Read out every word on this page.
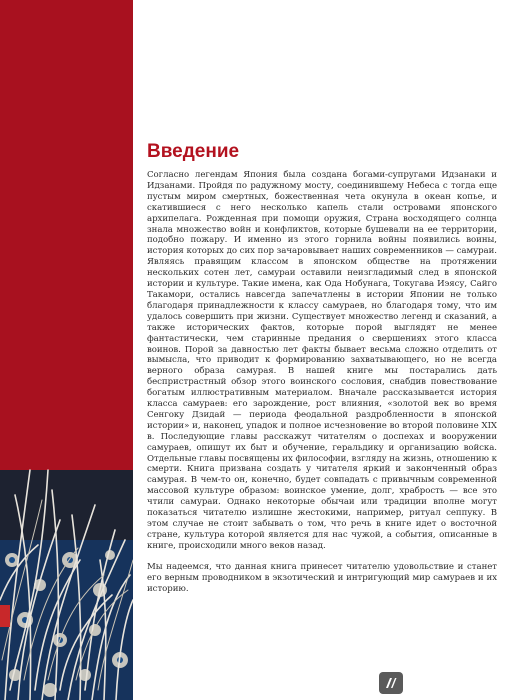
Введение

Согласно легендам Япония была создана богами-супругами Идзанаки и Идзанами. Пройдя по радужному мосту, соединившему Небеса с тогда еще пустым миром смертных, божественная чета окунула в океан копье, и скатившиеся с него несколько капель стали островами японского архипелага. Рожденная при помощи оружия, Страна восходящего солнца знала множество войн и конфликтов, которые бушевали на ее территории, подобно пожару. И именно из этого горнила войны появились воины, история которых до сих пор зачаровывает наших современников — самураи. Являясь правящим классом в японском обществе на протяжении нескольких сотен лет, самураи оставили неизгладимый след в японской истории и культуре. Такие имена, как Ода Нобунага, Токугава Иэясу, Сайго Такамори, остались навсегда запечатлены в истории Японии не только благодаря принадлежности к классу самураев, но благодаря тому, что им удалось совершить при жизни. Существует множество легенд и сказаний, а также исторических фактов, которые порой выглядят не менее фантастически, чем старинные предания о свершениях этого класса воинов. Порой за давностью лет факты бывает весьма сложно отделить от вымысла, что приводит к формированию захватывающего, но не всегда верного образа самурая. В нашей книге мы постарались дать беспристрастный обзор этого воинского сословия, снабдив повествование богатым иллюстративным материалом. Вначале рассказывается история класса самураев: его зарождение, рост влияния, «золотой век во время Сенгоку Дзидай — периода феодальной раздробленности в японской истории» и, наконец, упадок и полное исчезновение во второй половине XIX в. Последующие главы расскажут читателям о доспехах и вооружении самураев, опишут их быт и обучение, геральдику и организацию войска. Отдельные главы посвящены их философии, взгляду на жизнь, отношению к смерти. Книга призвана создать у читателя яркий и законченный образ самурая. В чем-то он, конечно, будет совпадать с привычным современной массовой культуре образом: воинское умение, долг, храбрость — все это чтили самураи. Однако некоторые обычаи или традиции вполне могут показаться читателю излишне жестокими, например, ритуал сеппуку. В этом случае не стоит забывать о том, что речь в книге идет о восточной стране, культура которой является для нас чужой, а события, описанные в книге, происходили много веков назад.

Мы надеемся, что данная книга принесет читателю удовольствие и станет его верным проводником в экзотический и интригующий мир самураев и их историю.
